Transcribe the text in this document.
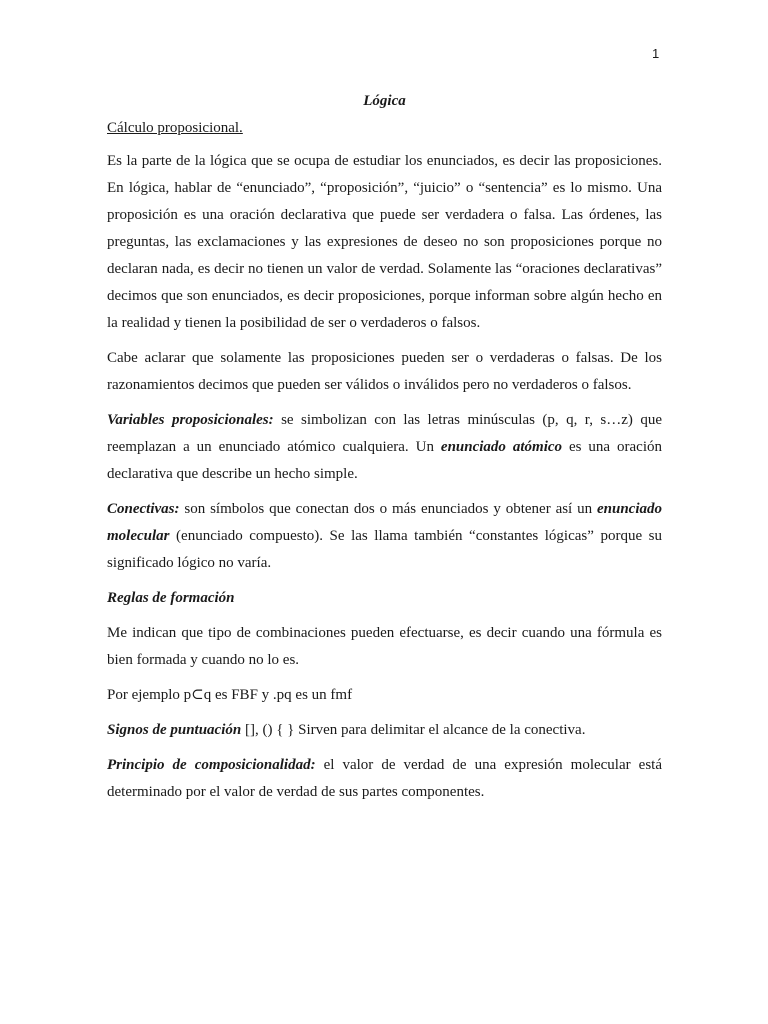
1
Lógica
Cálculo proposicional.

Es la parte de la lógica que se ocupa de estudiar los enunciados, es decir las proposiciones. En lógica, hablar de “enunciado”, “proposición”, “juicio” o “sentencia” es lo mismo. Una proposición es una oración declarativa que puede ser verdadera o falsa. Las órdenes, las preguntas, las exclamaciones y las expresiones de deseo no son proposiciones porque no declaran nada, es decir no tienen un valor de verdad. Solamente las “oraciones declarativas” decimos que son enunciados, es decir proposiciones, porque informan sobre algún hecho en la realidad y tienen la posibilidad de ser o verdaderos o falsos.

Cabe aclarar que solamente las proposiciones pueden ser o verdaderas o falsas. De los razonamientos decimos que pueden ser válidos o inválidos pero no verdaderos o falsos.

Variables proposicionales: se simbolizan con las letras minúsculas (p, q, r, s…z) que reemplazan a un enunciado atómico cualquiera. Un enunciado atómico es una oración declarativa que describe un hecho simple.

Conectivas: son símbolos que conectan dos o más enunciados y obtener así un enunciado molecular (enunciado compuesto). Se las llama también “constantes lógicas” porque su significado lógico no varía.

Reglas de formación

Me indican que tipo de combinaciones pueden efectuarse, es decir cuando una fórmula es bien formada y cuando no lo es.

Por ejemplo p⊂q es FBF y .pq es un fmf

Signos de puntuación [], () { } Sirven para delimitar el alcance de la conectiva.

Principio de composicionalidad: el valor de verdad de una expresión molecular está determinado por el valor de verdad de sus partes componentes.
